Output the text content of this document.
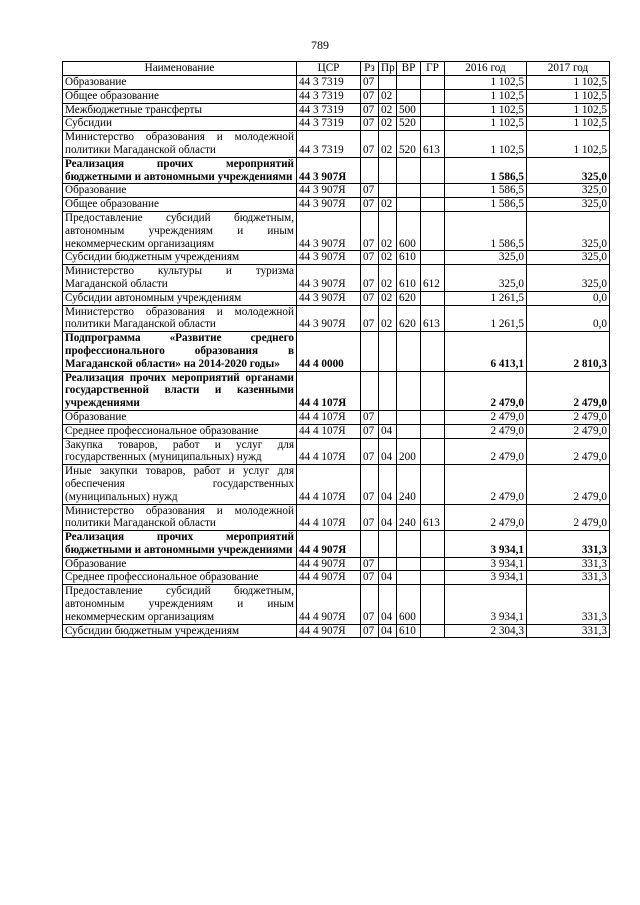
789
Наименование	ЦСР	Рз	Пр	ВР	ГР	2016 год	2017 год
Образование	44 3 7319	07				1 102,5	1 102,5
Общее образование	44 3 7319	07	02			1 102,5	1 102,5
Межбюджетные трансферты	44 3 7319	07	02	500		1 102,5	1 102,5
Субсидии	44 3 7319	07	02	520		1 102,5	1 102,5
Министерство образования и молодежной политики Магаданской области	44 3 7319	07	02	520	613	1 102,5	1 102,5
Реализация прочих мероприятий бюджетными и автономными учреждениями	44 3 907Я					1 586,5	325,0
Образование	44 3 907Я	07				1 586,5	325,0
Общее образование	44 3 907Я	07	02			1 586,5	325,0
Предоставление субсидий бюджетным, автономным учреждениям и иным некоммерческим организациям	44 3 907Я	07	02	600		1 586,5	325,0
Субсидии бюджетным учреждениям	44 3 907Я	07	02	610		325,0	325,0
Министерство культуры и туризма Магаданской области	44 3 907Я	07	02	610	612	325,0	325,0
Субсидии автономным учреждениям	44 3 907Я	07	02	620		1 261,5	0,0
Министерство образования и молодежной политики Магаданской области	44 3 907Я	07	02	620	613	1 261,5	0,0
Подпрограмма «Развитие среднего профессионального образования в Магаданской области» на 2014-2020 годы»	44 4 0000					6 413,1	2 810,3
Реализация прочих мероприятий органами государственной власти и казенными учреждениями	44 4 107Я					2 479,0	2 479,0
Образование	44 4 107Я	07				2 479,0	2 479,0
Среднее профессиональное образование	44 4 107Я	07	04			2 479,0	2 479,0
Закупка товаров, работ и услуг для государственных (муниципальных) нужд	44 4 107Я	07	04	200		2 479,0	2 479,0
Иные закупки товаров, работ и услуг для обеспечения государственных (муниципальных) нужд	44 4 107Я	07	04	240		2 479,0	2 479,0
Министерство образования и молодежной политики Магаданской области	44 4 107Я	07	04	240	613	2 479,0	2 479,0
Реализация прочих мероприятий бюджетными и автономными учреждениями	44 4 907Я					3 934,1	331,3
Образование	44 4 907Я	07				3 934,1	331,3
Среднее профессиональное образование	44 4 907Я	07	04			3 934,1	331,3
Предоставление субсидий бюджетным, автономным учреждениям и иным некоммерческим организациям	44 4 907Я	07	04	600		3 934,1	331,3
Субсидии бюджетным учреждениям	44 4 907Я	07	04	610		2 304,3	331,3
